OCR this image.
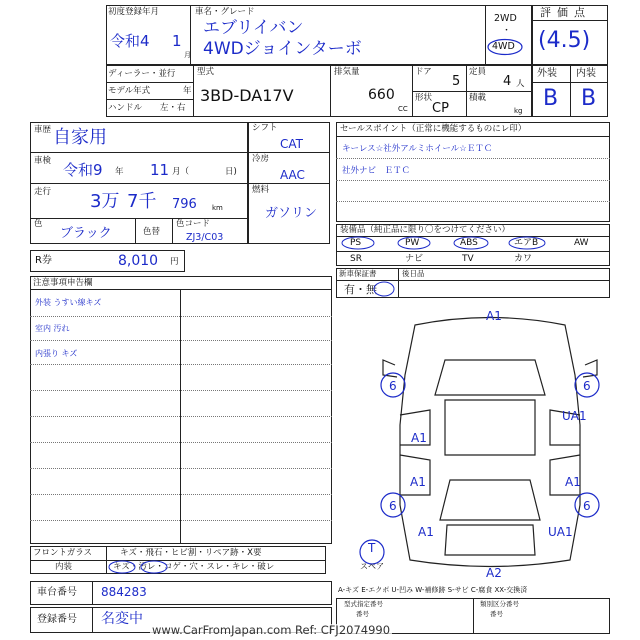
初度登録年月	車名・グレード
令和4 1
月
エブリイバン
4WDジョインターボ
2WD
・
4WD
評価点
(4.5)
ディーラー・並行
モデル年式	年
ハンドル 左・右
型式
3BD-DA17V
排気量
660
CC
ドア
5
定員
4 人
形状
CP
積載
kg
外装 内装
B B
車歴 自家用
車検 令和9 年 11 月（	日)
走行 3万 7千 796 km
色
ブラック	色替
色コード
ZJ3/C03
シフト
CAT
冷房
AAC
燃料
ガソリン
R券	8,010 円
セールスポイント（正常に機能するものにレ印）
キーレス☆社外アルミホイール☆ＥＴＣ
社外ナビ　ＥＴＣ
装備品（純正品に限り〇をつけてください）
PS	PW	ABS	エアB	AW
SR	ナビ	TV	カワ
新車保証書	後日品
有・無
注意事項申告欄
外装 うすい線キズ
室内 汚れ
内張り キズ
A1
6	6
UA1
A1
A1	A1
6	6
A1	UA1
A2
T
スペア
フロントガラス	キズ・飛石・ヒビ割・リペア跡・X要
内装	キズ・汚レ・コゲ・穴・スレ・キレ・破レ
A-キズ E-エクボ U-凹み W-補修跡 S-サビ C-腐食 XX-交換済
車台番号 884283
登録番号 名変中
型式指定番号
番号
類別区分番号
番号
www.CarFromJapan.com Ref: CFJ2074990
